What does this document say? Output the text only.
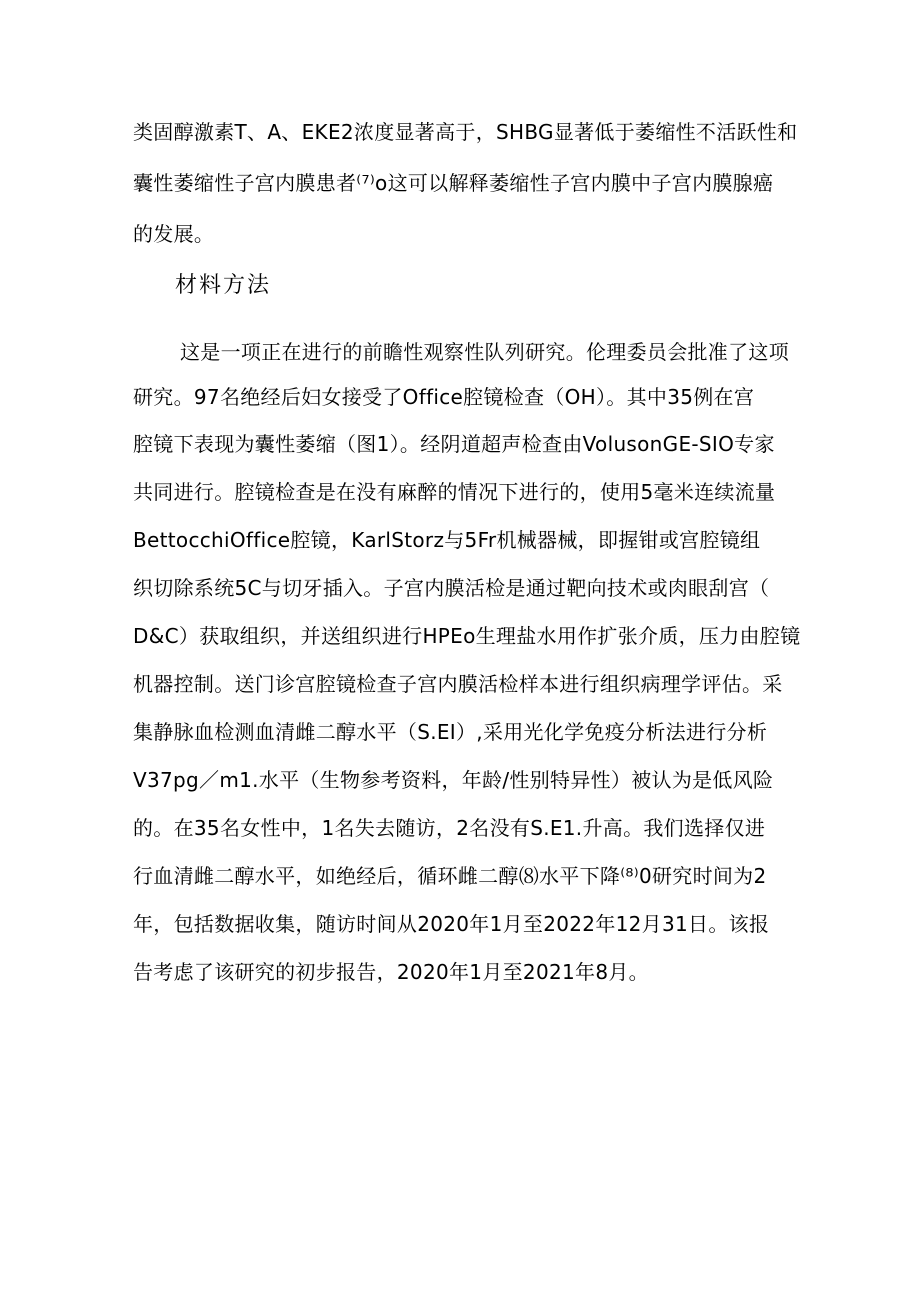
类固醇激素T、A、EKE2浓度显著高于，SHBG显著低于萎缩性不活跃性和
囊性萎缩性子宫内膜患者⁽⁷⁾o这可以解释萎缩性子宫内膜中子宫内膜腺癌
的发展。
材料方法
这是一项正在进行的前瞻性观察性队列研究。伦理委员会批准了这项
研究。97名绝经后妇女接受了Office腔镜检查（OH）。其中35例在宫
腔镜下表现为囊性萎缩（图1）。经阴道超声检查由VolusonGE-SIO专家
共同进行。腔镜检查是在没有麻醉的情况下进行的，使用5毫米连续流量
BettocchiOffice腔镜，KarlStorz与5Fr机械器械，即握钳或宫腔镜组
织切除系统5C与切牙插入。子宫内膜活检是通过靶向技术或肉眼刮宫（
D&C）获取组织，并送组织进行HPEo生理盐水用作扩张介质，压力由腔镜
机器控制。送门诊宫腔镜检查子宫内膜活检样本进行组织病理学评估。采
集静脉血检测血清雌二醇水平（S.EI）,采用光化学免疫分析法进行分析
V37pg／m1.水平（生物参考资料，年龄/性别特异性）被认为是低风险
的。在35名女性中，1名失去随访，2名没有S.E1.升高。我们选择仅进
行血清雌二醇水平，如绝经后，循环雌二醇⑻水平下降⁽⁸⁾0研究时间为2
年，包括数据收集，随访时间从2020年1月至2022年12月31日。该报
告考虑了该研究的初步报告，2020年1月至2021年8月。
